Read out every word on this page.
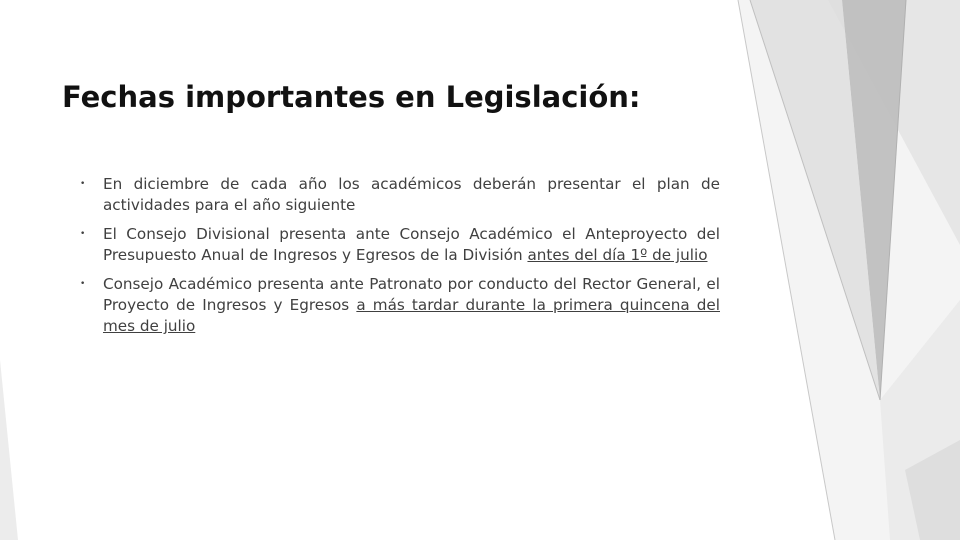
Fechas importantes en Legislación:
• En diciembre de cada año los académicos deberán presentar el plan de actividades para el año siguiente
• El Consejo Divisional presenta ante Consejo Académico el Anteproyecto del Presupuesto Anual de Ingresos y Egresos de la División antes del día 1º de julio
• Consejo Académico presenta ante Patronato por conducto del Rector General, el Proyecto de Ingresos y Egresos a más tardar durante la primera quincena del mes de julio
